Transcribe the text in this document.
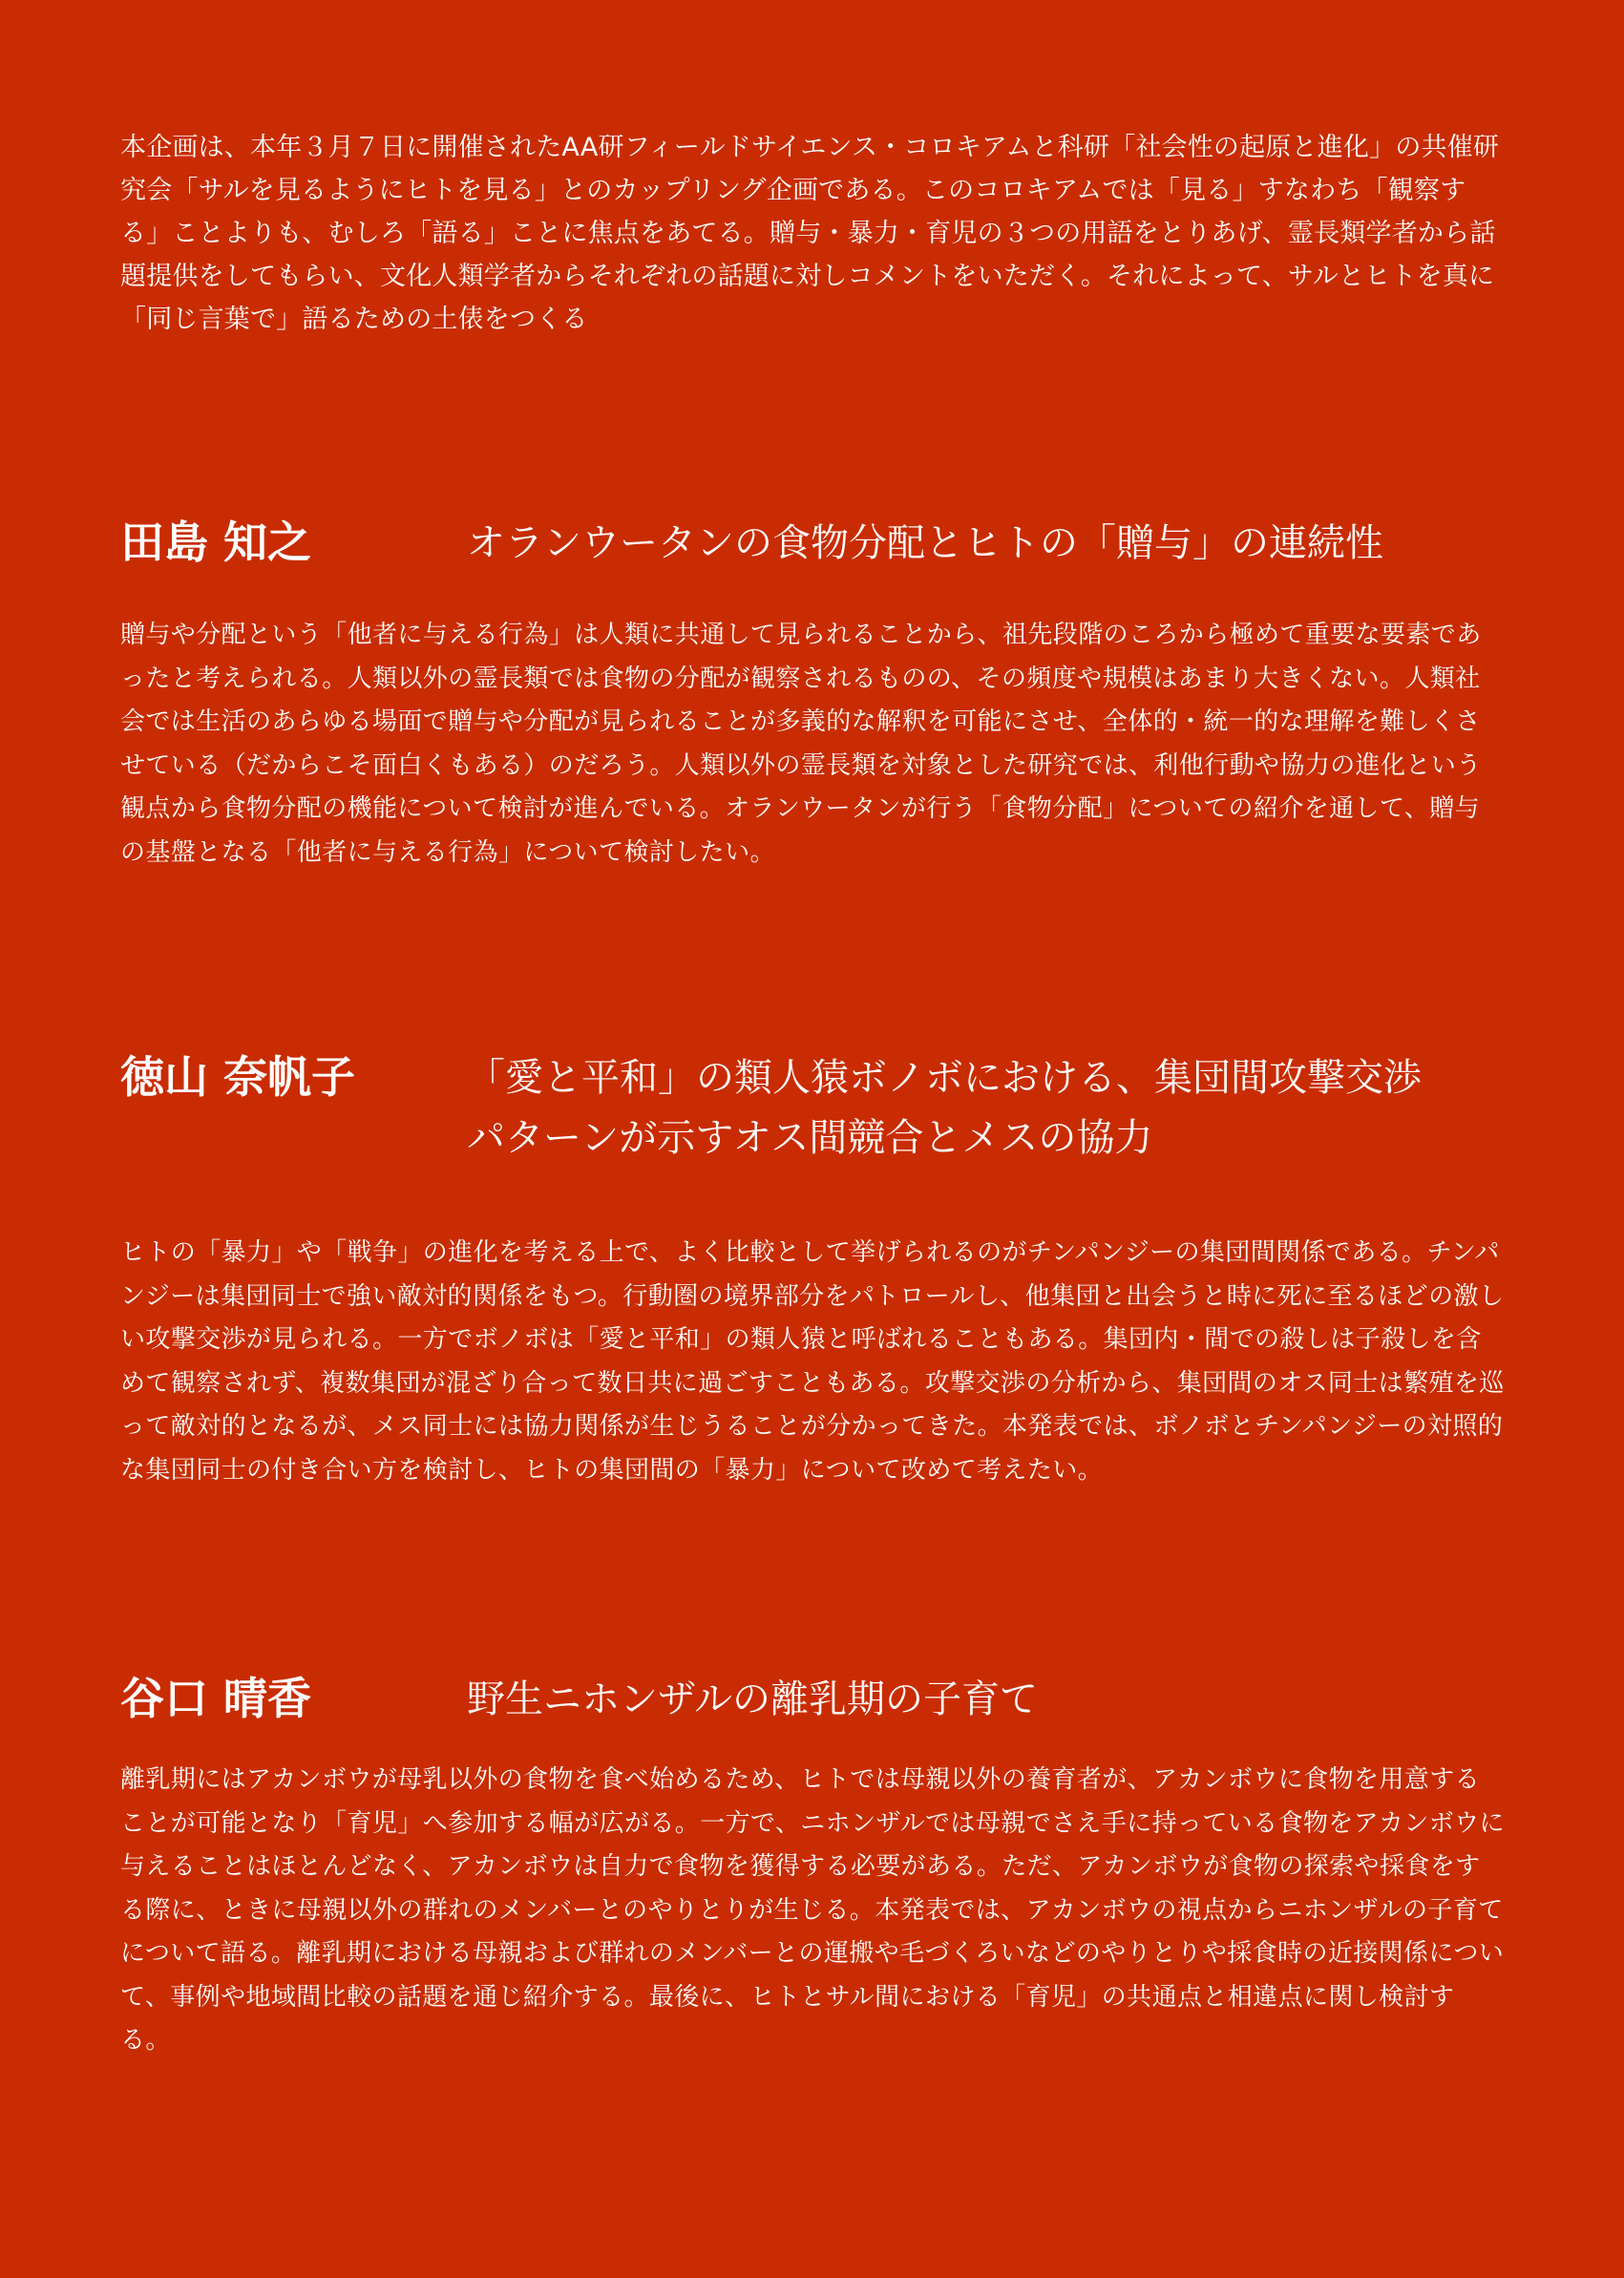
本企画は、本年３月７日に開催されたAA研フィールドサイエンス・コロキアムと科研「社会性の起原と進化」の共催研究会「サルを見るようにヒトを見る」とのカップリング企画である。このコロキアムでは「見る」すなわち「観察する」ことよりも、むしろ「語る」ことに焦点をあてる。贈与・暴力・育児の３つの用語をとりあげ、霊長類学者から話題提供をしてもらい、文化人類学者からそれぞれの話題に対しコメントをいただく。それによって、サルとヒトを真に「同じ言葉で」語るための土俵をつくる

田島 知之	オランウータンの食物分配とヒトの「贈与」の連続性

贈与や分配という「他者に与える行為」は人類に共通して見られることから、祖先段階のころから極めて重要な要素であったと考えられる。人類以外の霊長類では食物の分配が観察されるものの、その頻度や規模はあまり大きくない。人類社会では生活のあらゆる場面で贈与や分配が見られることが多義的な解釈を可能にさせ、全体的・統一的な理解を難しくさせている（だからこそ面白くもある）のだろう。人類以外の霊長類を対象とした研究では、利他行動や協力の進化という観点から食物分配の機能について検討が進んでいる。オランウータンが行う「食物分配」についての紹介を通して、贈与の基盤となる「他者に与える行為」について検討したい。

徳山 奈帆子	「愛と平和」の類人猿ボノボにおける、集団間攻撃交渉
パターンが示すオス間競合とメスの協力

ヒトの「暴力」や「戦争」の進化を考える上で、よく比較として挙げられるのがチンパンジーの集団間関係である。チンパンジーは集団同士で強い敵対的関係をもつ。行動圏の境界部分をパトロールし、他集団と出会うと時に死に至るほどの激しい攻撃交渉が見られる。一方でボノボは「愛と平和」の類人猿と呼ばれることもある。集団内・間での殺しは子殺しを含めて観察されず、複数集団が混ざり合って数日共に過ごすこともある。攻撃交渉の分析から、集団間のオス同士は繁殖を巡って敵対的となるが、メス同士には協力関係が生じうることが分かってきた。本発表では、ボノボとチンパンジーの対照的な集団同士の付き合い方を検討し、ヒトの集団間の「暴力」について改めて考えたい。

谷口 晴香	野生ニホンザルの離乳期の子育て

離乳期にはアカンボウが母乳以外の食物を食べ始めるため、ヒトでは母親以外の養育者が、アカンボウに食物を用意することが可能となり「育児」へ参加する幅が広がる。一方で、ニホンザルでは母親でさえ手に持っている食物をアカンボウに与えることはほとんどなく、アカンボウは自力で食物を獲得する必要がある。ただ、アカンボウが食物の探索や採食をする際に、ときに母親以外の群れのメンバーとのやりとりが生じる。本発表では、アカンボウの視点からニホンザルの子育てについて語る。離乳期における母親および群れのメンバーとの運搬や毛づくろいなどのやりとりや採食時の近接関係について、事例や地域間比較の話題を通じ紹介する。最後に、ヒトとサル間における「育児」の共通点と相違点に関し検討する。
